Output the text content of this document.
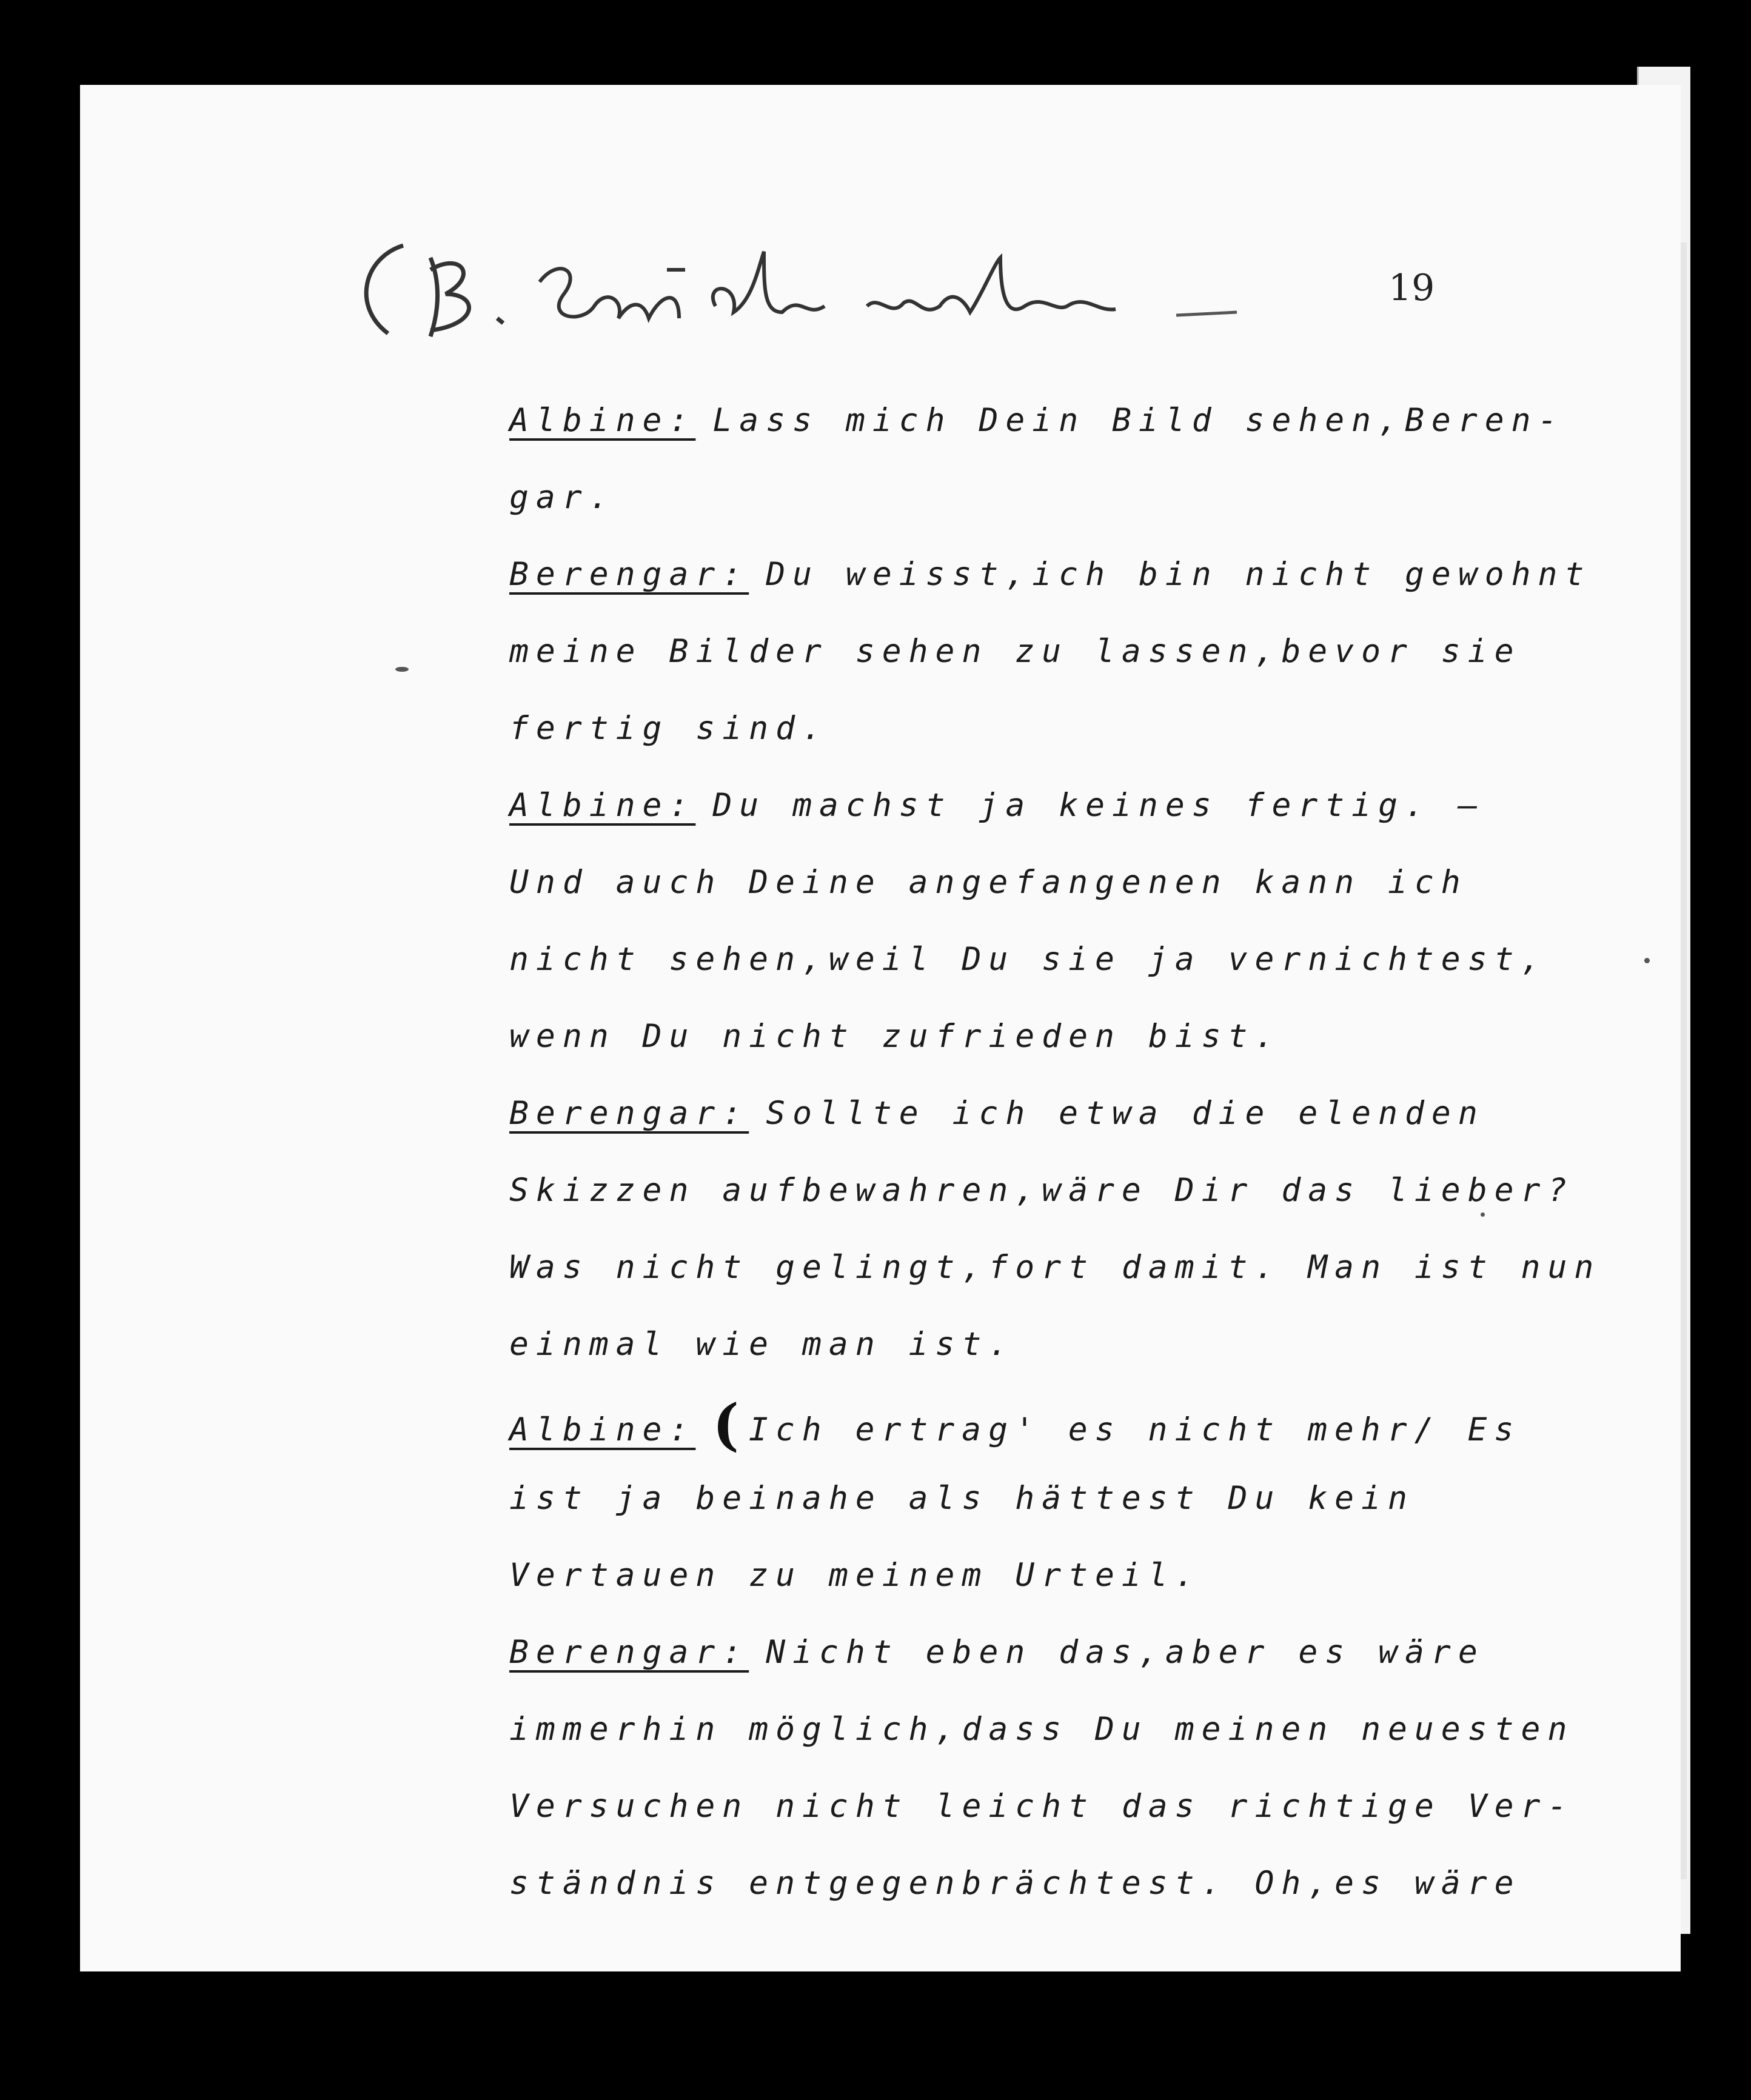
19
Albine: Lass mich Dein Bild sehen,Beren-
gar.
Berengar: Du weisst,ich bin nicht gewohnt
meine Bilder sehen zu lassen,bevor sie
fertig sind.
Albine: Du machst ja keines fertig. —
Und auch Deine angefangenen kann ich
nicht sehen,weil Du sie ja vernichtest,
wenn Du nicht zufrieden bist.
Berengar: Sollte ich etwa die elenden
Skizzen aufbewahren,wäre Dir das lieber?
Was nicht gelingt,fort damit. Man ist nun
einmal wie man ist.
Albine: (Ich ertrag' es nicht mehr/ Es
ist ja beinahe als hättest Du kein
Vertauen zu meinem Urteil.
Berengar: Nicht eben das,aber es wäre
immerhin möglich,dass Du meinen neuesten
Versuchen nicht leicht das richtige Ver-
ständnis entgegenbrächtest. Oh,es wäre
